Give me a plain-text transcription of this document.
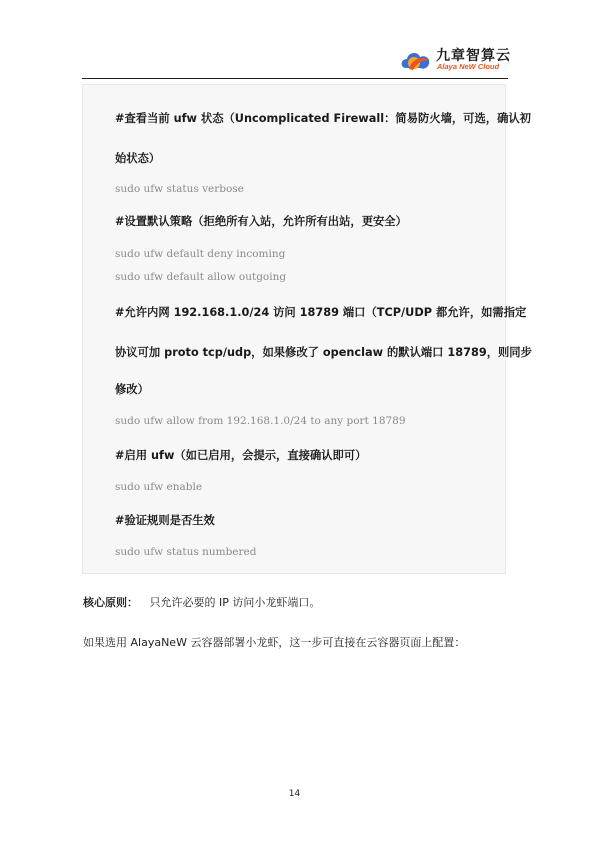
九章智算云
Alaya NeW Cloud
#查看当前 ufw 状态（Uncomplicated Firewall：简易防火墙，可选，确认初
始状态）
sudo ufw status verbose
#设置默认策略（拒绝所有入站，允许所有出站，更安全）
sudo ufw default deny incoming
sudo ufw default allow outgoing
#允许内网 192.168.1.0/24 访问 18789 端口（TCP/UDP 都允许，如需指定
协议可加 proto tcp/udp，如果修改了 openclaw 的默认端口 18789，则同步
修改）
sudo ufw allow from 192.168.1.0/24 to any port 18789
#启用 ufw（如已启用，会提示，直接确认即可）
sudo ufw enable
#验证规则是否生效
sudo ufw status numbered
核心原则： 只允许必要的 IP 访问小龙虾端口。
如果选用 AlayaNeW 云容器部署小龙虾，这一步可直接在云容器页面上配置：
14
